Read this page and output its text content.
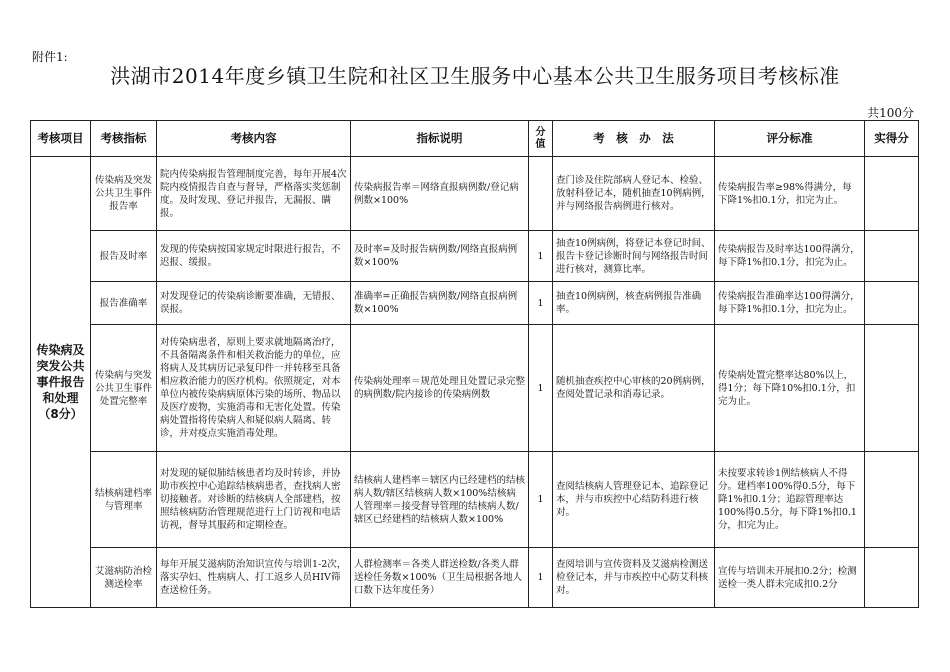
附件1:
洪湖市2014年度乡镇卫生院和社区卫生服务中心基本公共卫生服务项目考核标准
共100分
考核项目	考核指标	考核内容	指标说明	分值	考　核　办　法	评分标准	实得分
传染病及突发公共事件报告和处理（8分）	传染病及突发公共卫生事件报告率	院内传染病报告管理制度完善，每年开展4次院内疫情报告自查与督导，严格落实奖惩制度。及时发现、登记并报告，无漏报、瞒报。	传染病报告率＝网络直报病例数/登记病例数×100%		查门诊及住院部病人登记本、检验、放射科登记本，随机抽查10例病例，并与网络报告病例进行核对。	传染病报告率≥98%得满分，每下降1%扣0.1分，扣完为止。	
	报告及时率	发现的传染病按国家规定时限进行报告，不迟报、缓报。	及时率=及时报告病例数/网络直报病例数×100%	1	抽查10例病例，将登记本登记时间、报告卡登记诊断时间与网络报告时间进行核对，测算比率。	传染病报告及时率达100得满分，每下降1%扣0.1分，扣完为止。	
	报告准确率	对发现登记的传染病诊断要准确，无错报、误报。	准确率=正确报告病例数/网络直报病例数×100%	1	抽查10例病例，核查病例报告准确率。	传染病报告准确率达100得满分，每下降1%扣0.1分，扣完为止。	
	传染病与突发公共卫生事件处置完整率	对传染病患者，原则上要求就地隔离治疗，不具备隔离条件和相关救治能力的单位，应将病人及其病历记录复印件一并转移至具备相应救治能力的医疗机构。依照规定，对本单位内被传染病病原体污染的场所、物品以及医疗废物，实施消毒和无害化处置。传染病处置指将传染病人和疑似病人隔离、转诊，并对疫点实施消毒处理。	传染病处理率＝规范处理且处置记录完整的病例数/院内接诊的传染病例数	1	随机抽查疾控中心审核的20例病例，查阅处置记录和消毒记录。	传染病处置完整率达80%以上，得1分；每下降10%扣0.1分，扣完为止。	
	结核病建档率与管理率	对发现的疑似肺结核患者均及时转诊，并协助市疾控中心追踪结核病患者，查找病人密切接触者。对诊断的结核病人全部建档，按照结核病防治管理规范进行上门访视和电话访视，督导其服药和定期检查。	结核病人建档率＝辖区内已经建档的结核病人数/辖区结核病人数×100%结核病人管理率＝接受督导管理的结核病人数/辖区已经建档的结核病人数×100%	1	查阅结核病人管理登记本、追踪登记本，并与市疾控中心结防科进行核对。	未按要求转诊1例结核病人不得分。建档率100%得0.5分，每下降1%扣0.1分；追踪管理率达100%得0.5分，每下降1%扣0.1分，扣完为止。	
	艾滋病防治检测送检率	每年开展艾滋病防治知识宣传与培训1-2次，落实孕妇、性病病人、打工返乡人员HIV筛查送检任务。	人群检测率＝各类人群送检数/各类人群送检任务数×100%（卫生局根据各地人口数下达年度任务）	1	查阅培训与宣传资料及艾滋病检测送检登记本，并与市疾控中心防艾科核对。	宣传与培训未开展扣0.2分；检测送检一类人群未完成扣0.2分	
